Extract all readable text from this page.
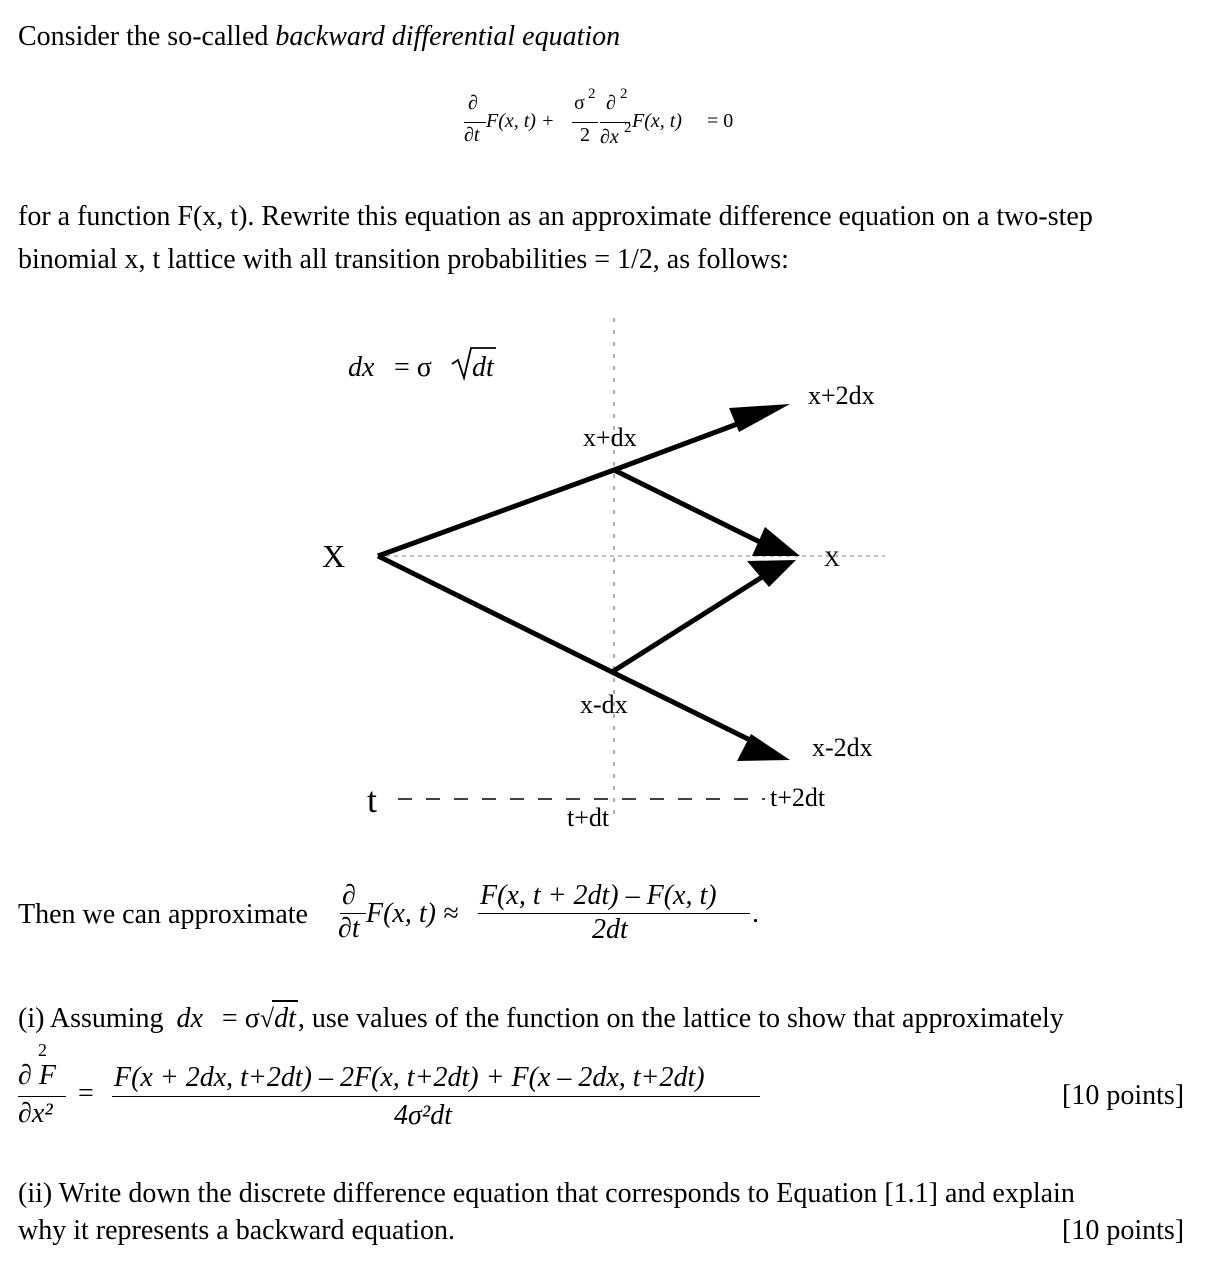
Consider the so-called backward differential equation
∂
∂t
F(x, t) +
σ 2
2
∂ 2
∂x 2 F(x, t) = 0
for a function F(x, t). Rewrite this equation as an approximate difference equation on a two-step
binomial x, t lattice with all transition probabilities = 1/2, as follows:
dx = σ dt
X
x+dx
x-dx
x+2dx
X
x-2dx
t	t+dt
t+2dt
Then we can approximate
∂
∂t F(x, t) ≈
F(x, t + 2dt) – F(x, t)
2dt
.
(i) Assuming dx = σ√dt, use values of the function on the lattice to show that approximately
2
∂ F
∂x²
=
F(x + 2dx, t+2dt) – 2F(x, t+2dt) + F(x – 2dx, t+2dt)
4σ²dt
[10 points]
(ii) Write down the discrete difference equation that corresponds to Equation [1.1] and explain
why it represents a backward equation.	[10 points]
